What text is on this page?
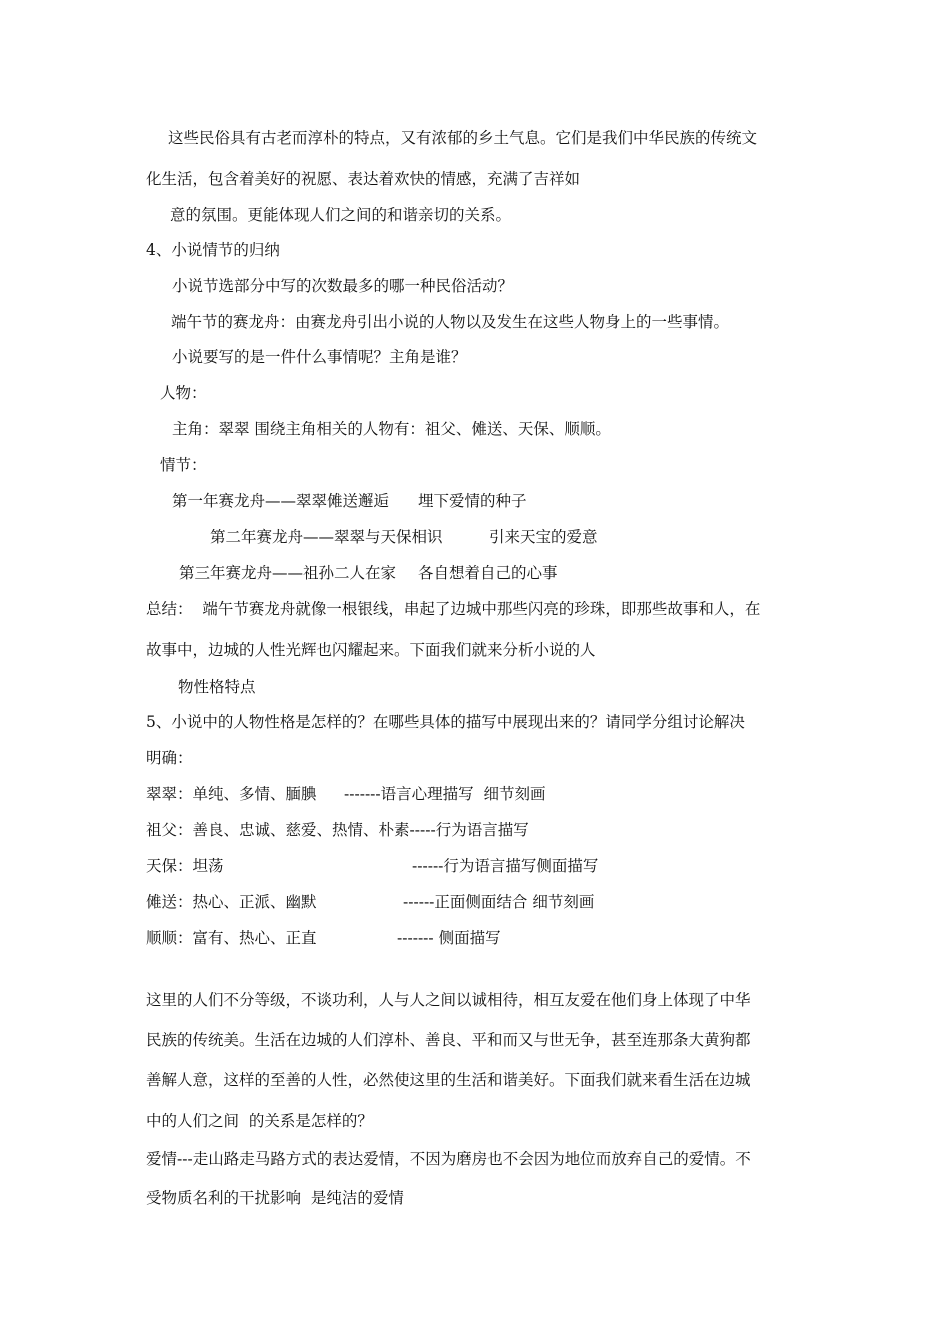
这些民俗具有古老而淳朴的特点，又有浓郁的乡土气息。它们是我们中华民族的传统文
化生活，包含着美好的祝愿、表达着欢快的情感，充满了吉祥如
意的氛围。更能体现人们之间的和谐亲切的关系。
4、小说情节的归纳
小说节选部分中写的次数最多的哪一种民俗活动？
端午节的赛龙舟：由赛龙舟引出小说的人物以及发生在这些人物身上的一些事情。
小说要写的是一件什么事情呢？主角是谁？
人物：
主角：翠翠 围绕主角相关的人物有：祖父、傩送、天保、顺顺。
情节：
第一年赛龙舟——翠翠傩送邂逅 埋下爱情的种子
第二年赛龙舟——翠翠与天保相识	引来天宝的爱意
第三年赛龙舟——祖孙二人在家 各自想着自己的心事
总结：  端午节赛龙舟就像一根银线，串起了边城中那些闪亮的珍珠，即那些故事和人，在
故事中，边城的人性光辉也闪耀起来。下面我们就来分析小说的人
物性格特点
5、小说中的人物性格是怎样的？在哪些具体的描写中展现出来的？请同学分组讨论解决
明确：
翠翠：单纯、多情、腼腆 -------语言心理描写  细节刻画
祖父：善良、忠诚、慈爱、热情、朴素-----行为语言描写
天保：坦荡	------行为语言描写侧面描写
傩送：热心、正派、幽默	------正面侧面结合 细节刻画
顺顺：富有、热心、正直	------- 侧面描写
这里的人们不分等级，不谈功利，人与人之间以诚相待，相互友爱在他们身上体现了中华
民族的传统美。生活在边城的人们淳朴、善良、平和而又与世无争，甚至连那条大黄狗都
善解人意，这样的至善的人性，必然使这里的生活和谐美好。下面我们就来看生活在边城
中的人们之间  的关系是怎样的？
爱情---走山路走马路方式的表达爱情，不因为磨房也不会因为地位而放弃自己的爱情。不
受物质名利的干扰影响  是纯洁的爱情
